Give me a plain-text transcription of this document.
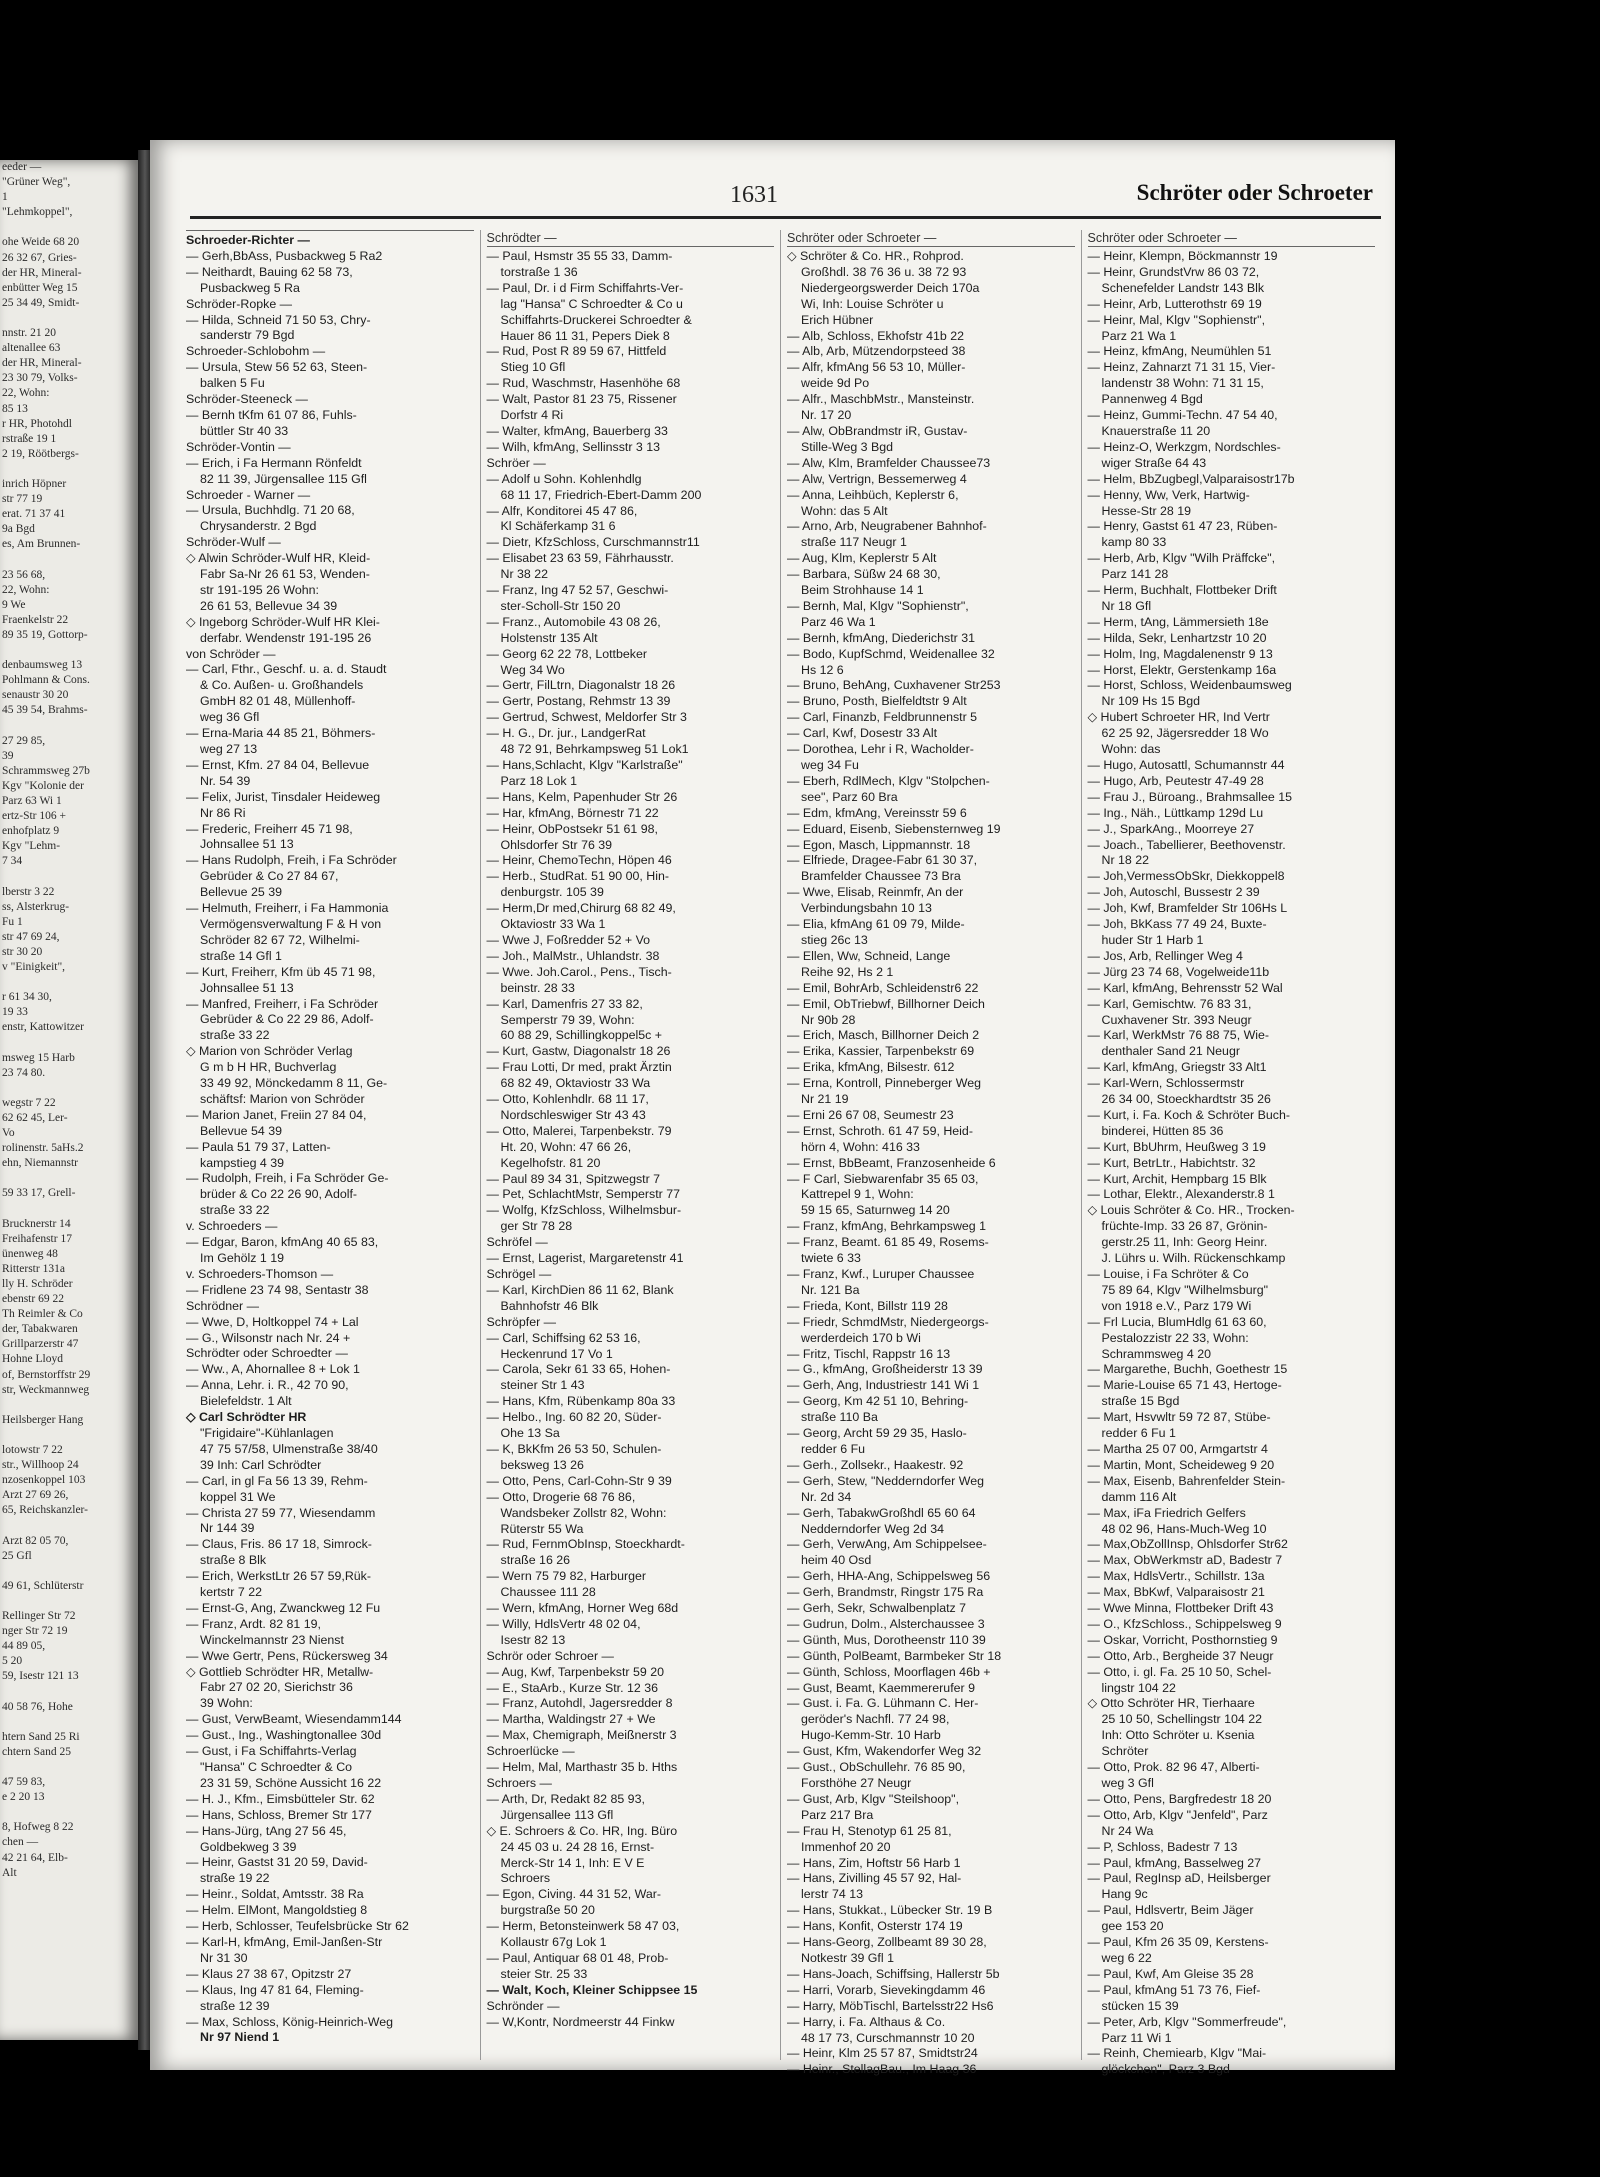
eeder —
"Grüner Weg",
1
"Lehmkoppel",

ohe Weide 68 20
26 32 67, Gries-
der HR, Mineral-
enbütter Weg 15
25 34 49, Smidt-

nnstr. 21 20
altenallee 63
der HR, Mineral-
23 30 79, Volks-
22, Wohn:
85 13
r HR, Photohdl
rstraße 19 1
2 19, Röötbergs-

inrich Höpner
str 77 19
erat. 71 37 41
9a Bgd
es, Am Brunnen-

23 56 68,
22, Wohn:
9 We
Fraenkelstr 22
89 35 19, Gottorp-

denbaumsweg 13
Pohlmann & Cons.
senaustr 30 20
45 39 54, Brahms-

27 29 85,
39
Schrammsweg 27b
Kgv "Kolonie der
Parz 63 Wi 1
ertz-Str 106 +
enhofplatz 9
Kgv "Lehm-
7 34

lberstr 3 22
ss, Alsterkrug-
Fu 1
str 47 69 24,
str 30 20
v "Einigkeit",

r 61 34 30,
19 33
enstr, Kattowitzer

msweg 15 Harb
23 74 80.

wegstr 7 22
62 62 45, Ler-
Vo
rolinenstr. 5aHs.2
ehn, Niemannstr

59 33 17, Grell-

Brucknerstr 14
Freihafenstr 17
ünenweg 48
Ritterstr 131a
lly H. Schröder
ebenstr 69 22
Th Reimler & Co
der, Tabakwaren
Grillparzerstr 47
Hohne Lloyd
of, Bernstorffstr 29
str, Weckmannweg

Heilsberger Hang

lotowstr 7 22
str., Willhoop 24
nzosenkoppel 103
Arzt 27 69 26,
65, Reichskanzler-

Arzt 82 05 70,
25 Gfl

49 61, Schlüterstr

Rellinger Str 72
nger Str 72 19
44 89 05,
5 20
59, Isestr 121 13

40 58 76, Hohe

htern Sand 25 Ri
chtern Sand 25

47 59 83,
e 2 20 13

8, Hofweg 8 22
chen —
42 21 64, Elb-
Alt
1631	Schröter oder Schroeter
Schroeder-Richter —
— Gerh,BbAss, Pusbackweg 5 Ra2
— Neithardt, Bauing 62 58 73,
Pusbackweg 5 Ra
Schröder-Ropke —
— Hilda, Schneid 71 50 53, Chry-
sanderstr 79 Bgd
Schroeder-Schlobohm —
— Ursula, Stew 56 52 63, Steen-
balken 5 Fu
Schröder-Steeneck —
— Bernh tKfm 61 07 86, Fuhls-
büttler Str 40 33
Schröder-Vontin —
— Erich, i Fa Hermann Rönfeldt
82 11 39, Jürgensallee 115 Gfl
Schroeder - Warner —
— Ursula, Buchhdlg. 71 20 68,
Chrysanderstr. 2 Bgd
Schröder-Wulf —
◇ Alwin Schröder-Wulf HR, Kleid-
Fabr Sa-Nr 26 61 53, Wenden-
str 191-195 26 Wohn:
26 61 53, Bellevue 34 39
◇ Ingeborg Schröder-Wulf HR Klei-
derfabr. Wendenstr 191-195 26
von Schröder —
— Carl, Fthr., Geschf. u. a. d. Staudt
& Co. Außen- u. Großhandels
GmbH 82 01 48, Müllenhoff-
weg 36 Gfl
— Erna-Maria 44 85 21, Böhmers-
weg 27 13
— Ernst, Kfm. 27 84 04, Bellevue
Nr. 54 39
— Felix, Jurist, Tinsdaler Heideweg
Nr 86 Ri
— Frederic, Freiherr 45 71 98,
Johnsallee 51 13
— Hans Rudolph, Freih, i Fa Schröder
Gebrüder & Co 27 84 67,
Bellevue 25 39
— Helmuth, Freiherr, i Fa Hammonia
Vermögensverwaltung F & H von
Schröder 82 67 72, Wilhelmi-
straße 14 Gfl 1
— Kurt, Freiherr, Kfm üb 45 71 98,
Johnsallee 51 13
— Manfred, Freiherr, i Fa Schröder
Gebrüder & Co 22 29 86, Adolf-
straße 33 22
◇ Marion von Schröder Verlag
G m b H HR, Buchverlag
33 49 92, Mönckedamm 8 11, Ge-
schäftsf: Marion von Schröder
— Marion Janet, Freiin 27 84 04,
Bellevue 54 39
— Paula 51 79 37, Latten-
kampstieg 4 39
— Rudolph, Freih, i Fa Schröder Ge-
brüder & Co 22 26 90, Adolf-
straße 33 22
v. Schroeders —
— Edgar, Baron, kfmAng 40 65 83,
Im Gehölz 1 19
v. Schroeders-Thomson —
— Fridlene 23 74 98, Sentastr 38
Schrödner —
— Wwe, D, Holtkoppel 74 + Lal
— G., Wilsonstr nach Nr. 24 +
Schrödter oder Schroedter —
— Ww., A, Ahornallee 8 + Lok 1
— Anna, Lehr. i. R., 42 70 90,
Bielefeldstr. 1 Alt
◇ Carl Schrödter HR
"Frigidaire"-Kühlanlagen
47 75 57/58, Ulmenstraße 38/40
39 Inh: Carl Schrödter
— Carl, in gl Fa 56 13 39, Rehm-
koppel 31 We
— Christa 27 59 77, Wiesendamm
Nr 144 39
— Claus, Fris. 86 17 18, Simrock-
straße 8 Blk
— Erich, WerkstLtr 26 57 59,Rük-
kertstr 7 22
— Ernst-G, Ang, Zwanckweg 12 Fu
— Franz, Ardt. 82 81 19,
Winckelmannstr 23 Nienst
— Wwe Gertr, Pens, Rückersweg 34
◇ Gottlieb Schrödter HR, Metallw-
Fabr 27 02 20, Sierichstr 36
39 Wohn:
— Gust, VerwBeamt, Wiesendamm144
— Gust., Ing., Washingtonallee 30d
— Gust, i Fa Schiffahrts-Verlag
"Hansa" C Schroedter & Co
23 31 59, Schöne Aussicht 16 22
— H. J., Kfm., Eimsbütteler Str. 62
— Hans, Schloss, Bremer Str 177
— Hans-Jürg, tAng 27 56 45,
Goldbekweg 3 39
— Heinr, Gastst 31 20 59, David-
straße 19 22
— Heinr., Soldat, Amtsstr. 38 Ra
— Helm. ElMont, Mangoldstieg 8
— Herb, Schlosser, Teufelsbrücke Str 62
— Karl-H, kfmAng, Emil-Janßen-Str
Nr 31 30
— Klaus 27 38 67, Opitzstr 27
— Klaus, Ing 47 81 64, Fleming-
straße 12 39
— Max, Schloss, König-Heinrich-Weg
Nr 97 Niend 1
Schrödter —
— Paul, Hsmstr 35 55 33, Damm-
torstraße 1 36
— Paul, Dr. i d Firm Schiffahrts-Ver-
lag "Hansa" C Schroedter & Co u
Schiffahrts-Druckerei Schroedter &
Hauer 86 11 31, Pepers Diek 8
— Rud, Post R 89 59 67, Hittfeld
Stieg 10 Gfl
— Rud, Waschmstr, Hasenhöhe 68
— Walt, Pastor 81 23 75, Rissener
Dorfstr 4 Ri
— Walter, kfmAng, Bauerberg 33
— Wilh, kfmAng, Sellinsstr 3 13
Schröer —
— Adolf u Sohn. Kohlenhdlg
68 11 17, Friedrich-Ebert-Damm 200
— Alfr, Konditorei 45 47 86,
Kl Schäferkamp 31 6
— Dietr, KfzSchloss, Curschmannstr11
— Elisabet 23 63 59, Fährhausstr.
Nr 38 22
— Franz, Ing 47 52 57, Geschwi-
ster-Scholl-Str 150 20
— Franz., Automobile 43 08 26,
Holstenstr 135 Alt
— Georg 62 22 78, Lottbeker
Weg 34 Wo
— Gertr, FilLtrn, Diagonalstr 18 26
— Gertr, Postang, Rehmstr 13 39
— Gertrud, Schwest, Meldorfer Str 3
— H. G., Dr. jur., LandgerRat
48 72 91, Behrkampsweg 51 Lok1
— Hans,Schlacht, Klgv "Karlstraße"
Parz 18 Lok 1
— Hans, Kelm, Papenhuder Str 26
— Har, kfmAng, Börnestr 71 22
— Heinr, ObPostsekr 51 61 98,
Ohlsdorfer Str 76 39
— Heinr, ChemoTechn, Höpen 46
— Herb., StudRat. 51 90 00, Hin-
denburgstr. 105 39
— Herm,Dr med,Chirurg 68 82 49,
Oktaviostr 33 Wa 1
— Wwe J, Foßredder 52 + Vo
— Joh., MalMstr., Uhlandstr. 38
— Wwe. Joh.Carol., Pens., Tisch-
beinstr. 28 33
— Karl, Damenfris 27 33 82,
Semperstr 79 39, Wohn:
60 88 29, Schillingkoppel5c +
— Kurt, Gastw, Diagonalstr 18 26
— Frau Lotti, Dr med, prakt Ärztin
68 82 49, Oktaviostr 33 Wa
— Otto, Kohlenhdlr. 68 11 17,
Nordschleswiger Str 43 43
— Otto, Malerei, Tarpenbekstr. 79
Ht. 20, Wohn: 47 66 26,
Kegelhofstr. 81 20
— Paul 89 34 31, Spitzwegstr 7
— Pet, SchlachtMstr, Semperstr 77
— Wolfg, KfzSchloss, Wilhelmsbur-
ger Str 78 28
Schröfel —
— Ernst, Lagerist, Margaretenstr 41
Schrögel —
— Karl, KirchDien 86 11 62, Blank
Bahnhofstr 46 Blk
Schröpfer —
— Carl, Schiffsing 62 53 16,
Heckenrund 17 Vo 1
— Carola, Sekr 61 33 65, Hohen-
steiner Str 1 43
— Hans, Kfm, Rübenkamp 80a 33
— Helbo., Ing. 60 82 20, Süder-
Ohe 13 Sa
— K, BkKfm 26 53 50, Schulen-
beksweg 13 26
— Otto, Pens, Carl-Cohn-Str 9 39
— Otto, Drogerie 68 76 86,
Wandsbeker Zollstr 82, Wohn:
Rüterstr 55 Wa
— Rud, FernmObInsp, Stoeckhardt-
straße 16 26
— Wern 75 79 82, Harburger
Chaussee 111 28
— Wern, kfmAng, Horner Weg 68d
— Willy, HdlsVertr 48 02 04,
Isestr 82 13
Schrör oder Schroer —
— Aug, Kwf, Tarpenbekstr 59 20
— E., StaArb., Kurze Str. 12 36
— Franz, Autohdl, Jagersredder 8
— Martha, Waldingstr 27 + We
— Max, Chemigraph, Meißnerstr 3
Schroerlücke —
— Helm, Mal, Marthastr 35 b. Hths
Schroers —
— Arth, Dr, Redakt 82 85 93,
Jürgensallee 113 Gfl
◇ E. Schroers & Co. HR, Ing. Büro
24 45 03 u. 24 28 16, Ernst-
Merck-Str 14 1, Inh: E V E
Schroers
— Egon, Civing. 44 31 52, War-
burgstraße 50 20
— Herm, Betonsteinwerk 58 47 03,
Kollaustr 67g Lok 1
— Paul, Antiquar 68 01 48, Prob-
steier Str. 25 33
— Walt, Koch, Kleiner Schippsee 15
Schrönder —
— W,Kontr, Nordmeerstr 44 Finkw
Schröter oder Schroeter —
◇ Schröter & Co. HR., Rohprod.
Großhdl. 38 76 36 u. 38 72 93
Niedergeorgswerder Deich 170a
Wi, Inh: Louise Schröter u
Erich Hübner
— Alb, Schloss, Ekhofstr 41b 22
— Alb, Arb, Mützendorpsteed 38
— Alfr, kfmAng 56 53 10, Müller-
weide 9d Po
— Alfr., MaschbMstr., Mansteinstr.
Nr. 17 20
— Alw, ObBrandmstr iR, Gustav-
Stille-Weg 3 Bgd
— Alw, Klm, Bramfelder Chaussee73
— Alw, Vertrign, Bessemerweg 4
— Anna, Leihbüch, Keplerstr 6,
Wohn: das 5 Alt
— Arno, Arb, Neugrabener Bahnhof-
straße 117 Neugr 1
— Aug, Klm, Keplerstr 5 Alt
— Barbara, Süßw 24 68 30,
Beim Strohhause 14 1
— Bernh, Mal, Klgv "Sophienstr",
Parz 46 Wa 1
— Bernh, kfmAng, Diederichstr 31
— Bodo, KupfSchmd, Weidenallee 32
Hs 12 6
— Bruno, BehAng, Cuxhavener Str253
— Bruno, Posth, Bielfeldtstr 9 Alt
— Carl, Finanzb, Feldbrunnenstr 5
— Carl, Kwf, Dosestr 33 Alt
— Dorothea, Lehr i R, Wacholder-
weg 34 Fu
— Eberh, RdlMech, Klgv "Stolpchen-
see", Parz 60 Bra
— Edm, kfmAng, Vereinsstr 59 6
— Eduard, Eisenb, Siebensternweg 19
— Egon, Masch, Lippmannstr. 18
— Elfriede, Dragee-Fabr 61 30 37,
Bramfelder Chaussee 73 Bra
— Wwe, Elisab, Reinmfr, An der
Verbindungsbahn 10 13
— Elia, kfmAng 61 09 79, Milde-
stieg 26c 13
— Ellen, Ww, Schneid, Lange
Reihe 92, Hs 2 1
— Emil, BohrArb, Schleidenstr6 22
— Emil, ObTriebwf, Billhorner Deich
Nr 90b 28
— Erich, Masch, Billhorner Deich 2
— Erika, Kassier, Tarpenbekstr 69
— Erika, kfmAng, Bilsestr. 612
— Erna, Kontroll, Pinneberger Weg
Nr 21 19
— Erni 26 67 08, Seumestr 23
— Ernst, Schroth. 61 47 59, Heid-
hörn 4, Wohn: 416 33
— Ernst, BbBeamt, Franzosenheide 6
— F Carl, Siebwarenfabr 35 65 03,
Kattrepel 9 1, Wohn:
59 15 65, Saturnweg 14 20
— Franz, kfmAng, Behrkampsweg 1
— Franz, Beamt. 61 85 49, Rosems-
twiete 6 33
— Franz, Kwf., Luruper Chaussee
Nr. 121 Ba
— Frieda, Kont, Billstr 119 28
— Friedr, SchmdMstr, Niedergeorgs-
werderdeich 170 b Wi
— Fritz, Tischl, Rappstr 16 13
— G., kfmAng, Großheiderstr 13 39
— Gerh, Ang, Industriestr 141 Wi 1
— Georg, Km 42 51 10, Behring-
straße 110 Ba
— Georg, Archt 59 29 35, Haslo-
redder 6 Fu
— Gerh., Zollsekr., Haakestr. 92
— Gerh, Stew, "Nedderndorfer Weg
Nr. 2d 34
— Gerh, TabakwGroßhdl 65 60 64
Nedderndorfer Weg 2d 34
— Gerh, VerwAng, Am Schippelsee-
heim 40 Osd
— Gerh, HHA-Ang, Schippelsweg 56
— Gerh, Brandmstr, Ringstr 175 Ra
— Gerh, Sekr, Schwalbenplatz 7
— Gudrun, Dolm., Alsterchaussee 3
— Günth, Mus, Dorotheenstr 110 39
— Günth, PolBeamt, Barmbeker Str 18
— Günth, Schloss, Moorflagen 46b +
— Gust, Beamt, Kaemmererufer 9
— Gust. i. Fa. G. Lühmann C. Her-
geröder's Nachfl. 77 24 98,
Hugo-Kemm-Str. 10 Harb
— Gust, Kfm, Wakendorfer Weg 32
— Gust., ObSchullehr. 76 85 90,
Forsthöhe 27 Neugr
— Gust, Arb, Klgv "Steilshoop",
Parz 217 Bra
— Frau H, Stenotyp 61 25 81,
Immenhof 20 20
— Hans, Zim, Hoftstr 56 Harb 1
— Hans, Zivilling 45 57 92, Hal-
lerstr 74 13
— Hans, Stukkat., Lübecker Str. 19 B
— Hans, Konfit, Osterstr 174 19
— Hans-Georg, Zollbeamt 89 30 28,
Notkestr 39 Gfl 1
— Hans-Joach, Schiffsing, Hallerstr 5b
— Harri, Vorarb, Sievekingdamm 46
— Harry, MöbTischl, Bartelsstr22 Hs6
— Harry, i. Fa. Althaus & Co.
48 17 73, Curschmannstr 10 20
— Heinr, Klm 25 57 87, Smidtstr24
— Heinr., StellagBau., Im Haag 36
Schröter oder Schroeter —
— Heinr, Klempn, Böckmannstr 19
— Heinr, GrundstVrw 86 03 72,
Schenefelder Landstr 143 Blk
— Heinr, Arb, Lutterothstr 69 19
— Heinr, Mal, Klgv "Sophienstr",
Parz 21 Wa 1
— Heinz, kfmAng, Neumühlen 51
— Heinz, Zahnarzt 71 31 15, Vier-
landenstr 38 Wohn: 71 31 15,
Pannenweg 4 Bgd
— Heinz, Gummi-Techn. 47 54 40,
Knauerstraße 11 20
— Heinz-O, Werkzgm, Nordschles-
wiger Straße 64 43
— Helm, BbZugbegl,Valparaisostr17b
— Henny, Ww, Verk, Hartwig-
Hesse-Str 28 19
— Henry, Gastst 61 47 23, Rüben-
kamp 80 33
— Herb, Arb, Klgv "Wilh Präffcke",
Parz 141 28
— Herm, Buchhalt, Flottbeker Drift
Nr 18 Gfl
— Herm, tAng, Lämmersieth 18e
— Hilda, Sekr, Lenhartzstr 10 20
— Holm, Ing, Magdalenenstr 9 13
— Horst, Elektr, Gerstenkamp 16a
— Horst, Schloss, Weidenbaumsweg
Nr 109 Hs 15 Bgd
◇ Hubert Schroeter HR, Ind Vertr
62 25 92, Jägersredder 18 Wo
Wohn: das
— Hugo, Autosattl, Schumannstr 44
— Hugo, Arb, Peutestr 47-49 28
— Frau J., Büroang., Brahmsallee 15
— Ing., Näh., Lüttkamp 129d Lu
— J., SparkAng., Moorreye 27
— Joach., Tabellierer, Beethovenstr.
Nr 18 22
— Joh,VermessObSkr, Diekkoppel8
— Joh, Autoschl, Bussestr 2 39
— Joh, Kwf, Bramfelder Str 106Hs L
— Joh, BkKass 77 49 24, Buxte-
huder Str 1 Harb 1
— Jos, Arb, Rellinger Weg 4
— Jürg 23 74 68, Vogelweide11b
— Karl, kfmAng, Behrensstr 52 Wal
— Karl, Gemischtw. 76 83 31,
Cuxhavener Str. 393 Neugr
— Karl, WerkMstr 76 88 75, Wie-
denthaler Sand 21 Neugr
— Karl, kfmAng, Griegstr 33 Alt1
— Karl-Wern, Schlossermstr
26 34 00, Stoeckhardtstr 35 26
— Kurt, i. Fa. Koch & Schröter Buch-
binderei, Hütten 85 36
— Kurt, BbUhrm, Heußweg 3 19
— Kurt, BetrLtr., Habichtstr. 32
— Kurt, Archit, Hempbarg 15 Blk
— Lothar, Elektr., Alexanderstr.8 1
◇ Louis Schröter & Co. HR., Trocken-
früchte-Imp. 33 26 87, Grönin-
gerstr.25 11, Inh: Georg Heinr.
J. Lührs u. Wilh. Rückenschkamp
— Louise, i Fa Schröter & Co
75 89 64, Klgv "Wilhelmsburg"
von 1918 e.V., Parz 179 Wi
— Frl Lucia, BlumHdlg 61 63 60,
Pestalozzistr 22 33, Wohn:
Schrammsweg 4 20
— Margarethe, Buchh, Goethestr 15
— Marie-Louise 65 71 43, Hertoge-
straße 15 Bgd
— Mart, Hsvwltr 59 72 87, Stübe-
redder 6 Fu 1
— Martha 25 07 00, Armgartstr 4
— Martin, Mont, Scheideweg 9 20
— Max, Eisenb, Bahrenfelder Stein-
damm 116 Alt
— Max, iFa Friedrich Gelfers
48 02 96, Hans-Much-Weg 10
— Max,ObZollInsp, Ohlsdorfer Str62
— Max, ObWerkmstr aD, Badestr 7
— Max, HdlsVertr., Schillstr. 13a
— Max, BbKwf, Valparaisostr 21
— Wwe Minna, Flottbeker Drift 43
— O., KfzSchloss., Schippelsweg 9
— Oskar, Vorricht, Posthornstieg 9
— Otto, Arb., Bergheide 37 Neugr
— Otto, i. gl. Fa. 25 10 50, Schel-
lingstr 104 22
◇ Otto Schröter HR, Tierhaare
25 10 50, Schellingstr 104 22
Inh: Otto Schröter u. Ksenia
Schröter
— Otto, Prok. 82 96 47, Alberti-
weg 3 Gfl
— Otto, Pens, Bargfredestr 18 20
— Otto, Arb, Klgv "Jenfeld", Parz
Nr 24 Wa
— P, Schloss, Badestr 7 13
— Paul, kfmAng, Basselweg 27
— Paul, RegInsp aD, Heilsberger
Hang 9c
— Paul, Hdlsvertr, Beim Jäger
gee 153 20
— Paul, Kfm 26 35 09, Kerstens-
weg 6 22
— Paul, Kwf, Am Gleise 35 28
— Paul, kfmAng 51 73 76, Fief-
stücken 15 39
— Peter, Arb, Klgv "Sommerfreude",
Parz 11 Wi 1
— Reinh, Chemiearb, Klgv "Mai-
glöckchen", Parz 3 Bgd
